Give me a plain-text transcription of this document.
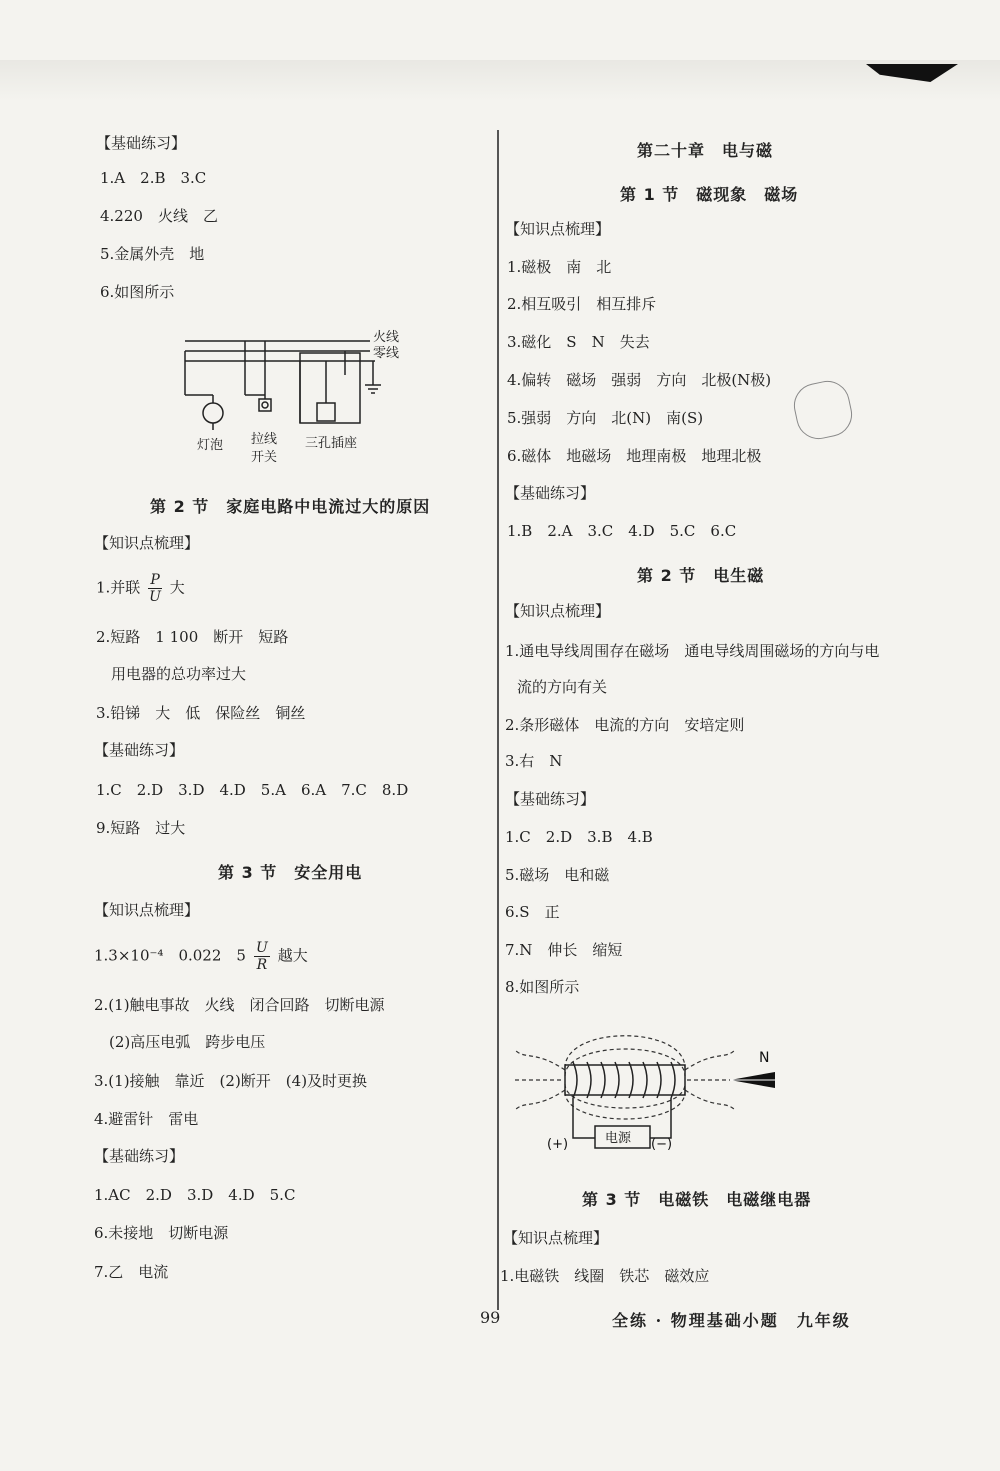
【基础练习】
1.A　2.B　3.C
4.220　火线　乙
5.金属外壳　地
6.如图所示
火线
零线
灯泡 拉线
开关
三孔插座
第 2 节　家庭电路中电流过大的原因
【知识点梳理】
1.并联 $\frac{P}{U}$ 大
2.短路　1 100　断开　短路
　用电器的总功率过大
3.铅锑　大　低　保险丝　铜丝
【基础练习】
1.C　2.D　3.D　4.D　5.A　6.A　7.C　8.D
9.短路　过大
第 3 节　安全用电
【知识点梳理】
1.3×10⁻⁴　0.022　$5 \frac{U}{R}$ 越大
2.(1)触电事故　火线　闭合回路　切断电源
　(2)高压电弧　跨步电压
3.(1)接触　靠近　(2)断开　(4)及时更换
4.避雷针　雷电
【基础练习】
1.AC　2.D　3.D　4.D　5.C
6.未接地　切断电源
7.乙　电流
第二十章　电与磁
第 1 节　磁现象　磁场
【知识点梳理】
1.磁极　南　北
2.相互吸引　相互排斥
3.磁化　S　N　失去
4.偏转　磁场　强弱　方向　北极(N极)
5.强弱　方向　北(N)　南(S)
6.磁体　地磁场　地理南极　地理北极
【基础练习】
1.B　2.A　3.C　4.D　5.C　6.C
第 2 节　电生磁
【知识点梳理】
1.通电导线周围存在磁场　通电导线周围磁场的方向与电
流的方向有关
2.条形磁体　电流的方向　安培定则
3.右　N
【基础练习】
1.C　2.D　3.B　4.B
5.磁场　电和磁
6.S　正
7.N　伸长　缩短
8.如图所示
N
电源
(+)	(−)
第 3 节　电磁铁　电磁继电器
【知识点梳理】
1.电磁铁　线圈　铁芯　磁效应
99	全练 · 物理基础小题　九年级
